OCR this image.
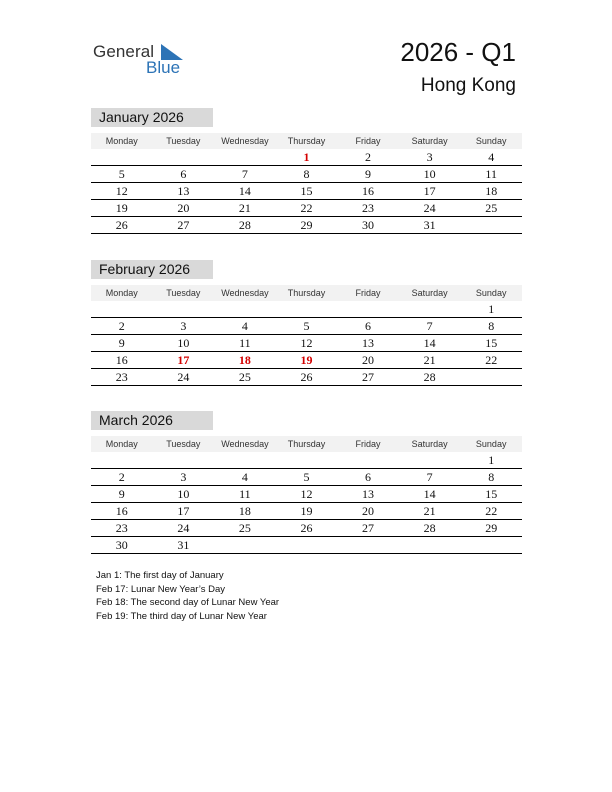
General
Blue
2026 - Q1
Hong Kong
January 2026
Monday	Tuesday	Wednesday	Thursday	Friday	Saturday	Sunday
			1	2	3	4
5	6	7	8	9	10	11
12	13	14	15	16	17	18
19	20	21	22	23	24	25
26	27	28	29	30	31	
February 2026
Monday	Tuesday	Wednesday	Thursday	Friday	Saturday	Sunday
						1
2	3	4	5	6	7	8
9	10	11	12	13	14	15
16	17	18	19	20	21	22
23	24	25	26	27	28	
March 2026
Monday	Tuesday	Wednesday	Thursday	Friday	Saturday	Sunday
						1
2	3	4	5	6	7	8
9	10	11	12	13	14	15
16	17	18	19	20	21	22
23	24	25	26	27	28	29
30	31					
Jan 1: The first day of January
Feb 17: Lunar New Year’s Day
Feb 18: The second day of Lunar New Year
Feb 19: The third day of Lunar New Year
